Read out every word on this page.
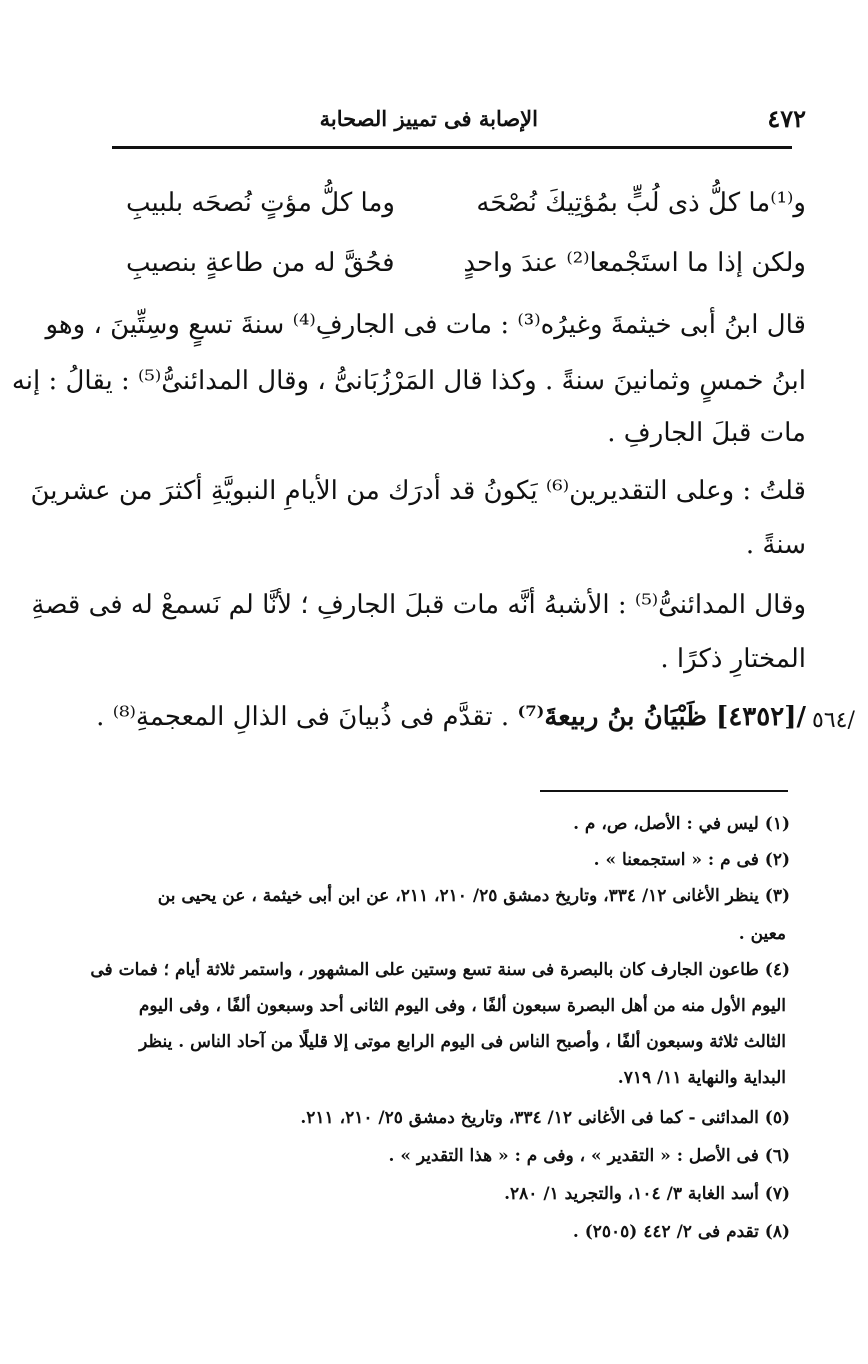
الإصابة فى تمييز الصحابة	٤٧٢
و⁽¹⁾ما كلُّ ذى لُبٍّ بمُؤتِيكَ نُصْحَه
وما كلُّ مؤتٍ نُصحَه بلبيبِ
ولكن إذا ما استَجْمعا⁽²⁾ عندَ واحدٍ
فحُقَّ له من طاعةٍ بنصيبِ
قال ابنُ أبى خيثمةَ وغيرُه⁽³⁾ : مات فى الجارفِ⁽⁴⁾ سنةَ تسعٍ وسِتِّينَ ، وهو
ابنُ خمسٍ وثمانينَ سنةً . وكذا قال المَرْزُبَانىُّ ، وقال المدائنىُّ⁽⁵⁾ : يقالُ : إنه
مات قبلَ الجارفِ .
قلتُ : وعلى التقديرين⁽⁶⁾ يَكونُ قد أدرَك من الأيامِ النبويَّةِ أكثرَ من عشرينَ
سنةً .
وقال المدائنىُّ⁽⁵⁾ : الأشبهُ أنَّه مات قبلَ الجارفِ ؛ لأنَّا لم نَسمعْ له فى قصةِ
المختارِ ذكرًا .
/[٤٣٥٢] ظَبْيَانُ بنُ ربيعةَ⁽⁷⁾ . تقدَّم فى ذُبيانَ فى الذالِ المعجمةِ⁽⁸⁾ .	/٥٦٤
(١) ليس في : الأصل، ص، م .
(٢) فى م : « استجمعنا » .
(٣) ينظر الأغانى ١٢/ ٣٣٤، وتاريخ دمشق ٢٥/ ٢١٠، ٢١١، عن ابن أبى خيثمة ، عن يحيى بن
معين .
(٤) طاعون الجارف كان بالبصرة فى سنة تسع وستين على المشهور ، واستمر ثلاثة أيام ؛ فمات فى
اليوم الأول منه من أهل البصرة سبعون ألفًا ، وفى اليوم الثانى أحد وسبعون ألفًا ، وفى اليوم
الثالث ثلاثة وسبعون ألفًا ، وأصبح الناس فى اليوم الرابع موتى إلا قليلًا من آحاد الناس . ينظر
البداية والنهاية ١١/ ٧١٩.
(٥) المدائنى - كما فى الأغانى ١٢/ ٣٣٤، وتاريخ دمشق ٢٥/ ٢١٠، ٢١١.
(٦) فى الأصل : « التقدير » ، وفى م : « هذا التقدير » .
(٧) أسد الغابة ٣/ ١٠٤، والتجريد ١/ ٢٨٠.
(٨) تقدم فى ٢/ ٤٤٢ (٢٥٠٥) .
